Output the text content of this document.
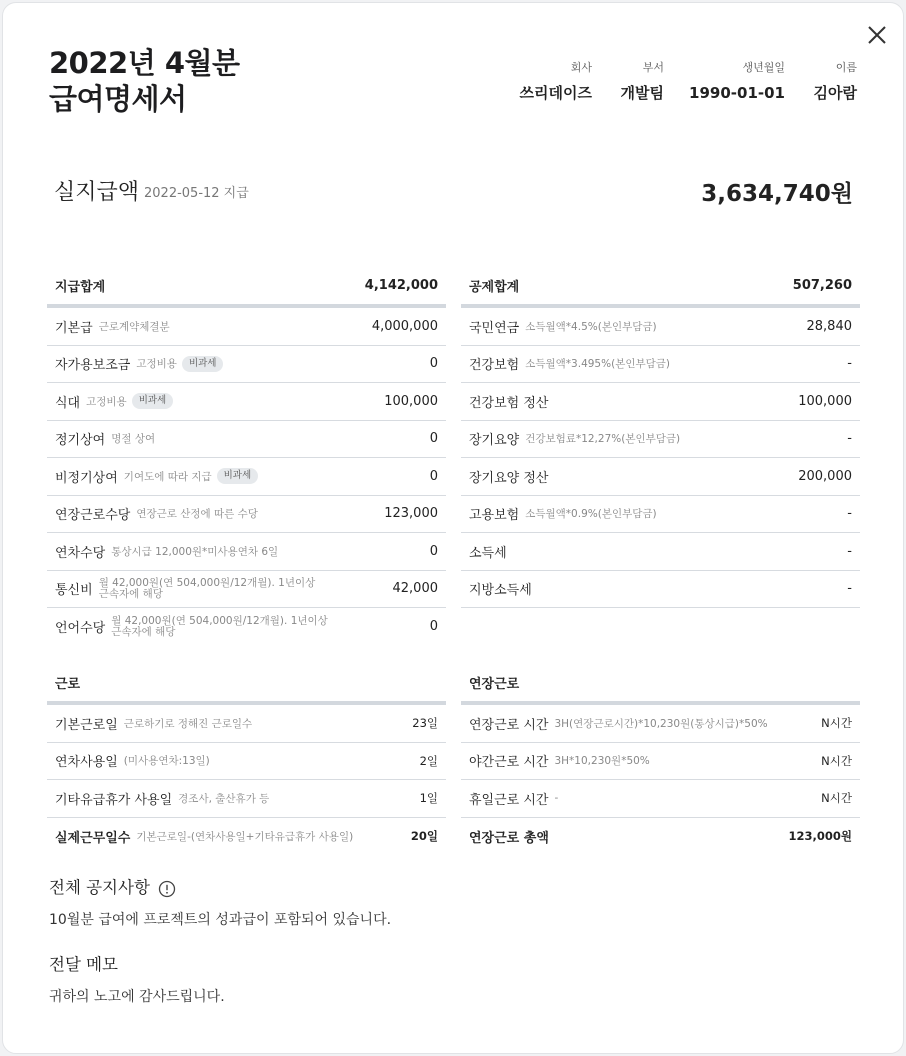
2022년 4월분
급여명세서
회사
쓰리데이즈
부서
개발팀
생년월일
1990-01-01
이름
김아람
실지급액 2022-05-12 지급	3,634,740원
지급합계	4,142,000
기본급 근로계약체결분	4,000,000
자가용보조금 고정비용	비과세	0
식대 고정비용	비과세	100,000
정기상여 명절 상여	0
비정기상여 기여도에 따라 지급	비과세	0
연장근로수당 연장근로 산정에 따른 수당	123,000
연차수당 통상시급 12,000원*미사용연차 6일	0
통신비
월 42,000원(연 504,000원/12개월). 1년이상 근속자에 해당	42,000
언어수당
월 42,000원(연 504,000원/12개월). 1년이상 근속자에 해당	0
공제합계	507,260
국민연금 소득월액*4.5%(본인부담금)	28,840
건강보험 소득월액*3.495%(본인부담금)	-
건강보험 정산	100,000
장기요양 건강보험료*12,27%(본인부담금)	-
장기요양 정산	200,000
고용보험 소득월액*0.9%(본인부담금)	-
소득세	-
지방소득세	-
근로
기본근로일 근로하기로 정해진 근로일수	23일
연차사용일 (미사용연차:13일)	2일
기타유급휴가 사용일 경조사, 출산휴가 등	1일
실제근무일수 기본근로일-(연차사용일+기타유급휴가 사용일)	20일
연장근로
연장근로 시간 3H(연장근로시간)*10,230원(통상시급)*50%	N시간
야간근로 시간 3H*10,230원*50%	N시간
휴일근로 시간 -	N시간
연장근로 총액	123,000원
전체 공지사항
10월분 급여에 프로젝트의 성과급이 포함되어 있습니다.
전달 메모
귀하의 노고에 감사드립니다.
